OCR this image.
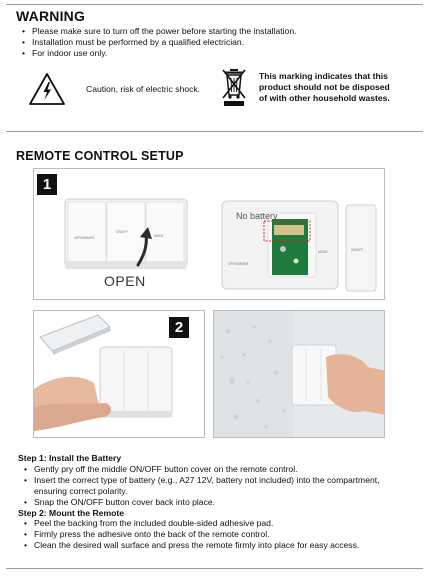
WARNING
• Please make sure to turn off the power before starting the installation.
• Installation must be performed by a qualified electrician.
• For indoor use only.
Caution, risk of electric shock.
This marking indicates that this
product should not be disposed
of with other household wastes.
REMOTE CONTROL SETUP
1
OFF/DIMMER
ON/OFF
MODE
OFF/DIMMER
MODE	ON/OFF
OPEN
No battery
2
Step 1: Install the Battery
• Gently pry off the middle ON/OFF button cover on the remote control.
• Insert the correct type of battery (e.g., A27 12V, battery not included) into the compartment,
ensuring correct polarity.
• Snap the ON/OFF button cover back into place.
Step 2: Mount the Remote
• Peel the backing from the included double-sided adhesive pad.
• Firmly press the adhesive onto the back of the remote control.
• Clean the desired wall surface and press the remote firmly into place for easy access.
